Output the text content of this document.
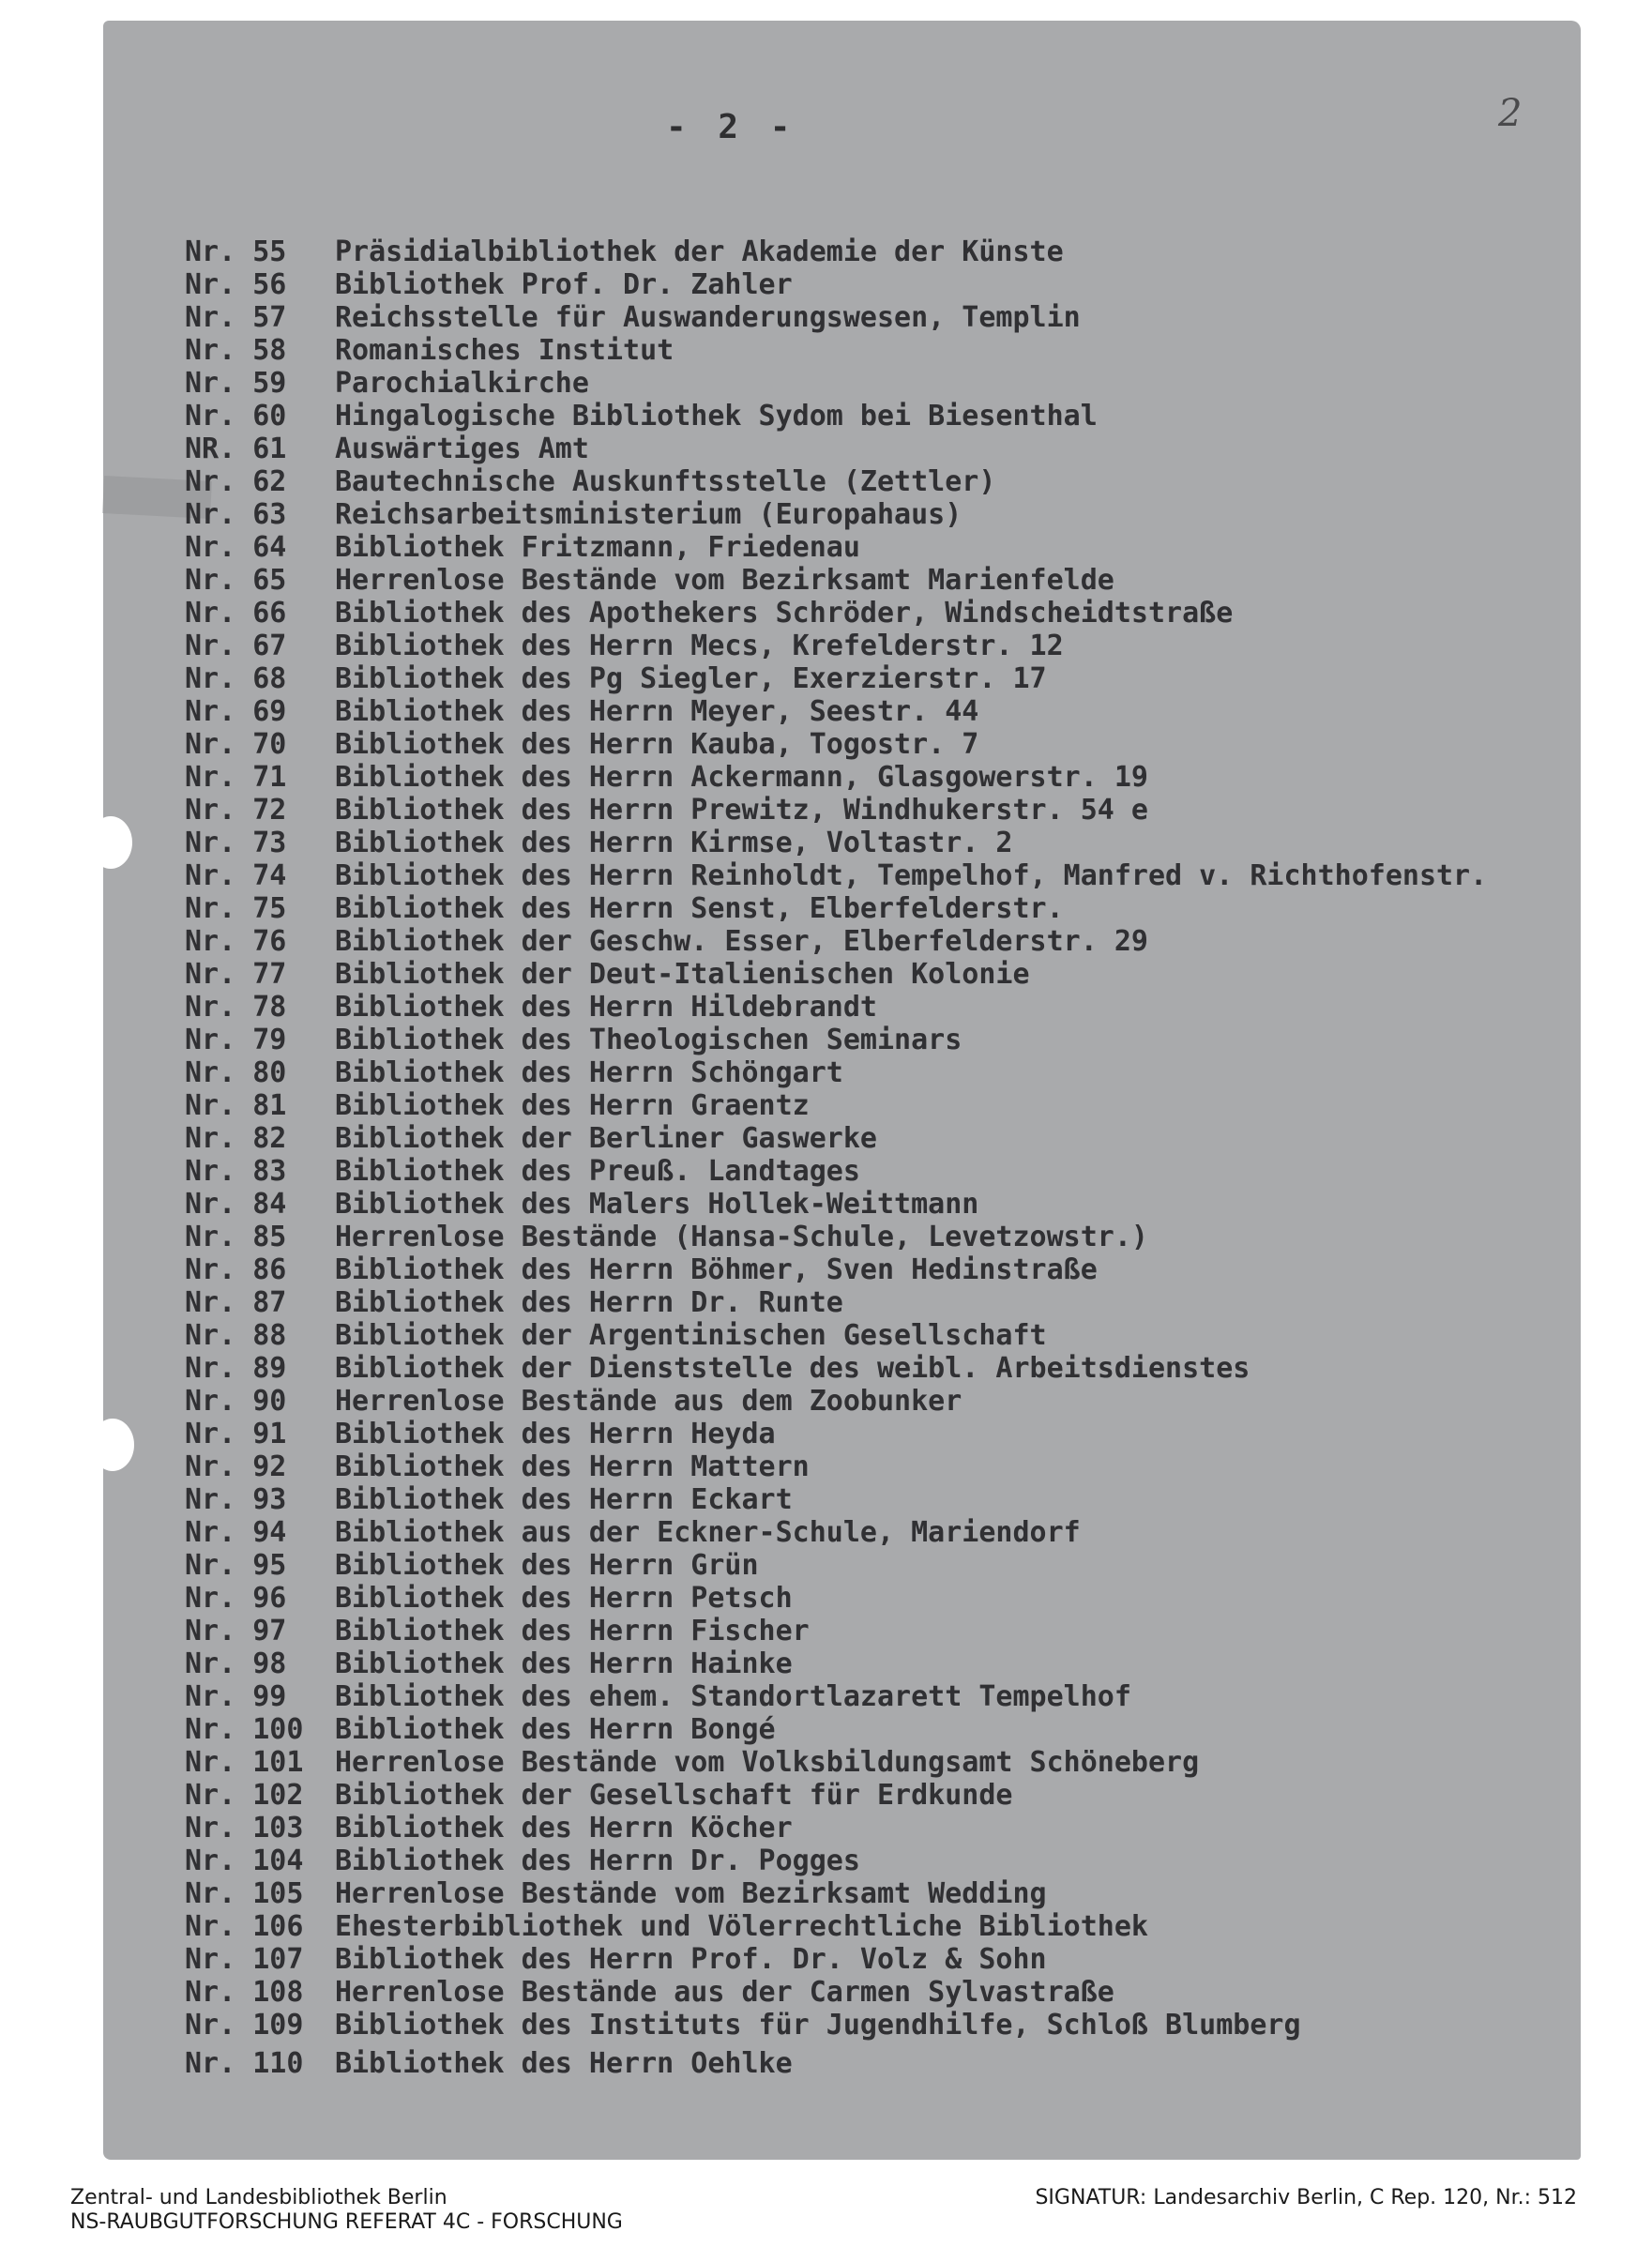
- 2 -	2
Nr. 55	Präsidialbibliothek der Akademie der Künste
Nr. 56	Bibliothek Prof. Dr. Zahler
Nr. 57	Reichsstelle für Auswanderungswesen, Templin
Nr. 58	Romanisches Institut
Nr. 59	Parochialkirche
Nr. 60	Hingalogische Bibliothek Sydom bei Biesenthal
NR. 61	Auswärtiges Amt
Nr. 62	Bautechnische Auskunftsstelle (Zettler)
Nr. 63	Reichsarbeitsministerium (Europahaus)
Nr. 64	Bibliothek Fritzmann, Friedenau
Nr. 65	Herrenlose Bestände vom Bezirksamt Marienfelde
Nr. 66	Bibliothek des Apothekers Schröder, Windscheidtstraße
Nr. 67	Bibliothek des Herrn Mecs, Krefelderstr. 12
Nr. 68	Bibliothek des Pg Siegler, Exerzierstr. 17
Nr. 69	Bibliothek des Herrn Meyer, Seestr. 44
Nr. 70	Bibliothek des Herrn Kauba, Togostr. 7
Nr. 71	Bibliothek des Herrn Ackermann, Glasgowerstr. 19
Nr. 72	Bibliothek des Herrn Prewitz, Windhukerstr. 54 e
Nr. 73	Bibliothek des Herrn Kirmse, Voltastr. 2
Nr. 74	Bibliothek des Herrn Reinholdt, Tempelhof, Manfred v. Richthofenstr.
Nr. 75	Bibliothek des Herrn Senst, Elberfelderstr.
Nr. 76	Bibliothek der Geschw. Esser, Elberfelderstr. 29
Nr. 77	Bibliothek der Deut-Italienischen Kolonie
Nr. 78	Bibliothek des Herrn Hildebrandt
Nr. 79	Bibliothek des Theologischen Seminars
Nr. 80	Bibliothek des Herrn Schöngart
Nr. 81	Bibliothek des Herrn Graentz
Nr. 82	Bibliothek der Berliner Gaswerke
Nr. 83	Bibliothek des Preuß. Landtages
Nr. 84	Bibliothek des Malers Hollek-Weittmann
Nr. 85	Herrenlose Bestände (Hansa-Schule, Levetzowstr.)
Nr. 86	Bibliothek des Herrn Böhmer, Sven Hedinstraße
Nr. 87	Bibliothek des Herrn Dr. Runte
Nr. 88	Bibliothek der Argentinischen Gesellschaft
Nr. 89	Bibliothek der Dienststelle des weibl. Arbeitsdienstes
Nr. 90	Herrenlose Bestände aus dem Zoobunker
Nr. 91	Bibliothek des Herrn Heyda
Nr. 92	Bibliothek des Herrn Mattern
Nr. 93	Bibliothek des Herrn Eckart
Nr. 94	Bibliothek aus der Eckner-Schule, Mariendorf
Nr. 95	Bibliothek des Herrn Grün
Nr. 96	Bibliothek des Herrn Petsch
Nr. 97	Bibliothek des Herrn Fischer
Nr. 98	Bibliothek des Herrn Hainke
Nr. 99	Bibliothek des ehem. Standortlazarett Tempelhof
Nr. 100	Bibliothek des Herrn Bongé
Nr. 101	Herrenlose Bestände vom Volksbildungsamt Schöneberg
Nr. 102	Bibliothek der Gesellschaft für Erdkunde
Nr. 103	Bibliothek des Herrn Köcher
Nr. 104	Bibliothek des Herrn Dr. Pogges
Nr. 105	Herrenlose Bestände vom Bezirksamt Wedding
Nr. 106	Ehesterbibliothek und Völerrechtliche Bibliothek
Nr. 107	Bibliothek des Herrn Prof. Dr. Volz & Sohn
Nr. 108	Herrenlose Bestände aus der Carmen Sylvastraße
Nr. 109	Bibliothek des Instituts für Jugendhilfe, Schloß Blumberg
Nr. 110	Bibliothek des Herrn Oehlke
Zentral- und Landesbibliothek Berlin
NS-RAUBGUTFORSCHUNG REFERAT 4C - FORSCHUNG
SIGNATUR: Landesarchiv Berlin, C Rep. 120, Nr.: 512
